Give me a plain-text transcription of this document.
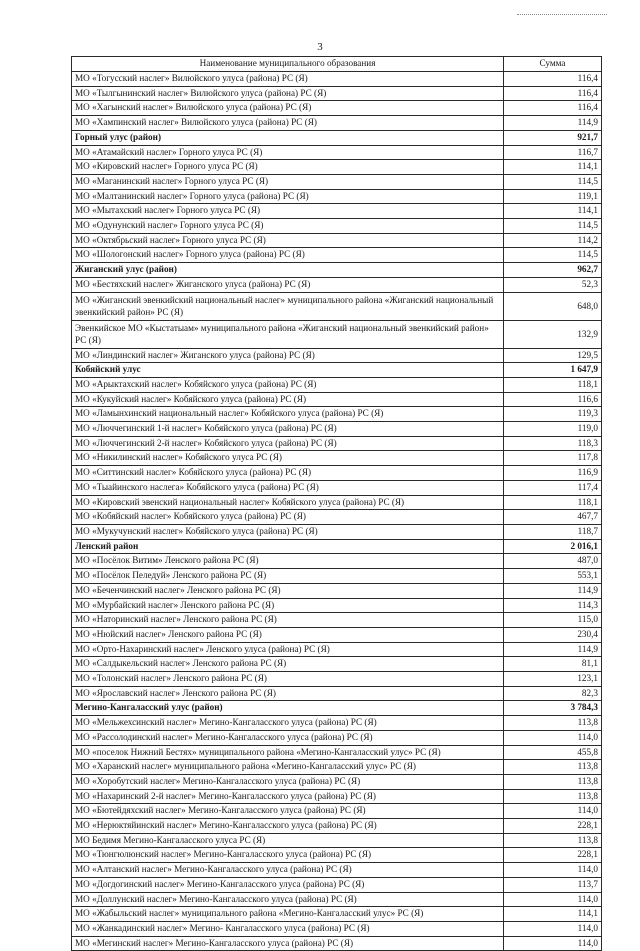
3
Наименование муниципального образования	Сумма
МО «Тогусский наслег» Вилюйского улуса (района) РС (Я)	116,4
МО «Тылгынинский наслег» Вилюйского улуса (района) РС (Я)	116,4
МО «Хагынский наслег» Вилюйского улуса (района) РС (Я)	116,4
МО «Хампинский наслег» Вилюйского улуса (района) РС (Я)	114,9
Горный улус (район)	921,7
МО «Атамайский наслег» Горного улуса РС (Я)	116,7
МО «Кировский наслег» Горного улуса РС (Я)	114,1
МО «Маганинский наслег» Горного улуса РС (Я)	114,5
МО «Малтанинский наслег» Горного улуса (района) РС (Я)	119,1
МО «Мытахский наслег» Горного улуса РС (Я)	114,1
МО «Одунунский наслег» Горного улуса РС (Я)	114,5
МО «Октябрьский наслег» Горного улуса РС (Я)	114,2
МО «Шологонский наслег» Горного улуса (района) РС (Я)	114,5
Жиганский улус (район)	962,7
МО «Бестяхский наслег» Жиганского улуса (района) РС (Я)	52,3
МО «Жиганский эвенкийский национальный наслег» муниципального района «Жиганский национальный эвенкийский район» РС (Я)	648,0
Эвенкийское МО «Кыстатыам» муниципального района «Жиганский национальный эвенкийский район» РС (Я)	132,9
МО «Линдинский наслег» Жиганского улуса (района) РС (Я)	129,5
Кобяйский улус	1 647,9
МО «Арыктахский наслег» Кобяйского улуса (района) РС (Я)	118,1
МО «Кукуйский наслег» Кобяйского улуса (района) РС (Я)	116,6
МО «Ламынхинский национальный наслег» Кобяйского улуса (района) РС (Я)	119,3
МО «Люччегинский 1-й наслег» Кобяйского улуса (района) РС (Я)	119,0
МО «Люччегинский 2-й наслег» Кобяйского улуса (района) РС (Я)	118,3
МО «Никилинский наслег» Кобяйского улуса РС (Я)	117,8
МО «Ситтинский наслег» Кобяйского улуса (района) РС (Я)	116,9
МО «Тыайинского наслега» Кобяйского улуса (района) РС (Я)	117,4
МО «Кировский эвенский национальный наслег» Кобяйского улуса (района) РС (Я)	118,1
МО «Кобяйский наслег» Кобяйского улуса (района) РС (Я)	467,7
МО «Мукучунский наслег» Кобяйского улуса (района) РС (Я)	118,7
Ленский район	2 016,1
МО «Посёлок Витим» Ленского района РС (Я)	487,0
МО «Посёлок Пеледуй» Ленского района РС (Я)	553,1
МО «Беченчинский наслег» Ленского района РС (Я)	114,9
МО «Мурбайский наслег» Ленского района РС (Я)	114,3
МО «Наторинский наслег» Ленского района РС (Я)	115,0
МО «Нюйский наслег» Ленского района РС (Я)	230,4
МО «Орто-Нахаринский наслег» Ленского улуса (района) РС (Я)	114,9
МО «Салдыкельский наслег» Ленского района РС (Я)	81,1
МО «Толонский наслег» Ленского района РС (Я)	123,1
МО «Ярославский наслег» Ленского района РС (Я)	82,3
Мегино-Кангаласский улус (район)	3 784,3
МО «Мельжехсинский наслег» Мегино-Кангаласского улуса (района) РС (Я)	113,8
МО «Рассолодинский наслег» Мегино-Кангаласского улуса (района) РС (Я)	114,0
МО «поселок Нижний Бестях» муниципального района «Мегино-Кангаласский улус» РС (Я)	455,8
МО «Харанский наслег» муниципального района «Мегино-Кангаласский улус» РС (Я)	113,8
МО «Хоробутский наслег» Мегино-Кангаласского улуса (района) РС (Я)	113,8
МО «Нахаринский 2-й наслег» Мегино-Кангаласского улуса (района) РС (Я)	113,8
МО «Бютейдяхский наслег» Мегино-Кангаласского улуса (района) РС (Я)	114,0
МО «Нерюктяйинский наслег» Мегино-Кангаласского улуса (района) РС (Я)	228,1
МО Бедимя Мегино-Кангаласского улуса РС (Я)	113,8
МО «Тюнгюлюнский наслег» Мегино-Кангаласского улуса (района) РС (Я)	228,1
МО «Алтанский наслег» Мегино-Кангаласского улуса (района) РС (Я)	114,0
МО «Догдогинский наслег» Мегино-Кангаласского улуса (района) РС (Я)	113,7
МО «Доллунский наслег» Мегино-Кангаласского улуса (района) РС (Я)	114,0
МО «Жабыльский наслег» муниципального района «Мегино-Кангаласский улус» РС (Я)	114,1
МО «Жанкадинский наслег» Мегино- Кангаласского улуса (района) РС (Я)	114,0
МО «Мегинский наслег» Мегино-Кангаласского улуса (района) РС (Я)	114,0
